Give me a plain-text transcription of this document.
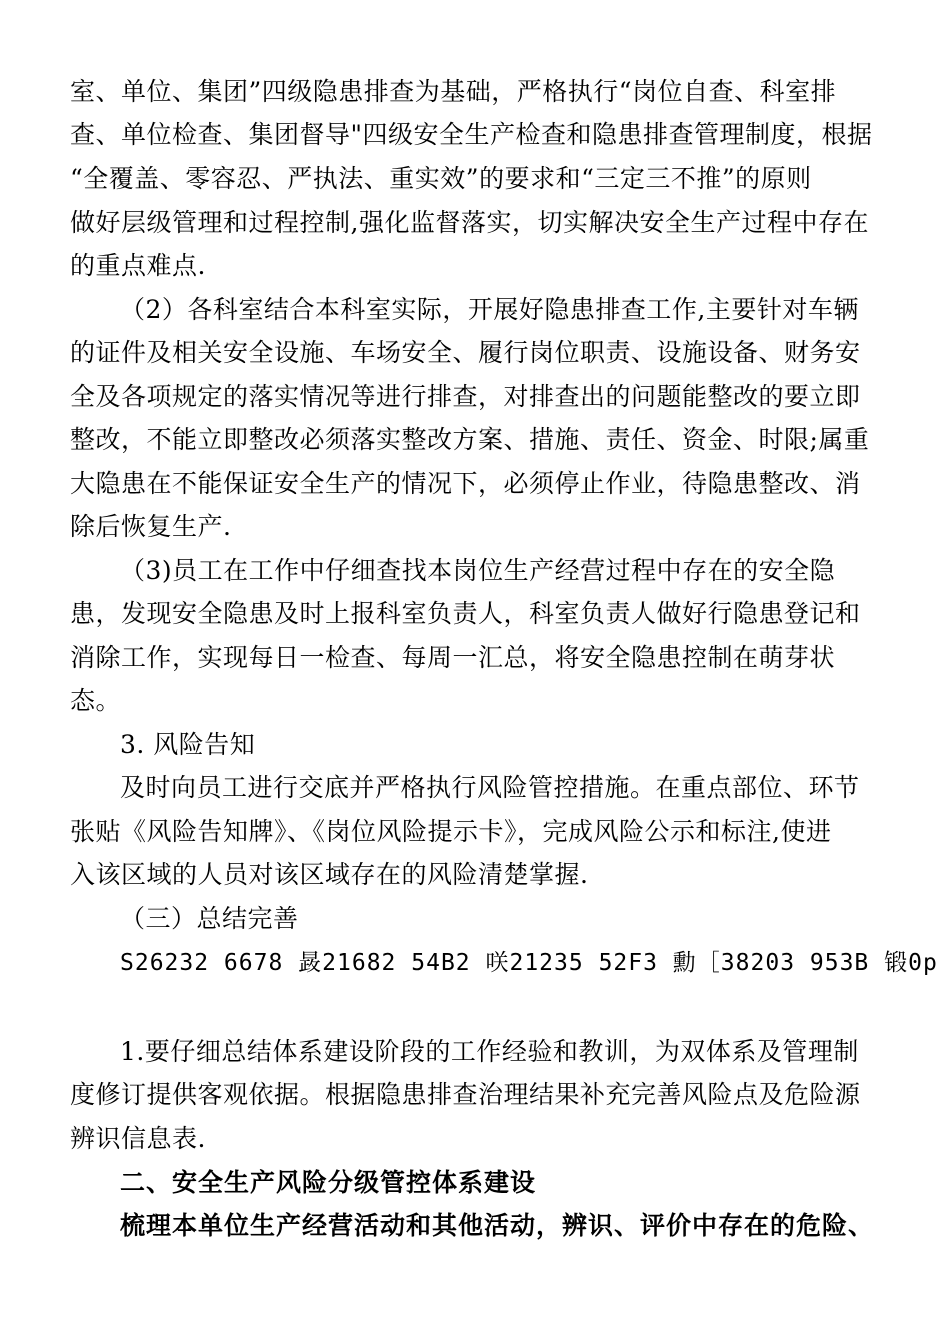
室、单位、集团”四级隐患排查为基础，严格执行“岗位自查、科室排
查、单位检查、集团督导"四级安全生产检查和隐患排查管理制度，根据
“全覆盖、零容忍、严执法、重实效”的要求和“三定三不推”的原则
做好层级管理和过程控制,强化监督落实，切实解决安全生产过程中存在
的重点难点.
（2）各科室结合本科室实际，开展好隐患排查工作,主要针对车辆
的证件及相关安全设施、车场安全、履行岗位职责、设施设备、财务安
全及各项规定的落实情况等进行排查，对排查出的问题能整改的要立即
整改，不能立即整改必须落实整改方案、措施、责任、资金、时限;属重
大隐患在不能保证安全生产的情况下，必须停止作业，待隐患整改、消
除后恢复生产.
（3)员工在工作中仔细查找本岗位生产经营过程中存在的安全隐
患，发现安全隐患及时上报科室负责人，科室负责人做好行隐患登记和
消除工作，实现每日一检查、每周一汇总，将安全隐患控制在萌芽状
态。
3. 风险告知
及时向员工进行交底并严格执行风险管控措施。在重点部位、环节
张贴《风险告知牌》、《岗位风险提示卡》，完成风险公示和标注,使进
入该区域的人员对该区域存在的风险清楚掌握.
（三）总结完善
S26232 6678 晸21682 54B2 咲21235 52F3 勳［38203 953B 锻0p
1.要仔细总结体系建设阶段的工作经验和教训，为双体系及管理制
度修订提供客观依据。根据隐患排查治理结果补充完善风险点及危险源
辨识信息表.
二、安全生产风险分级管控体系建设
梳理本单位生产经营活动和其他活动，辨识、评价中存在的危险、
